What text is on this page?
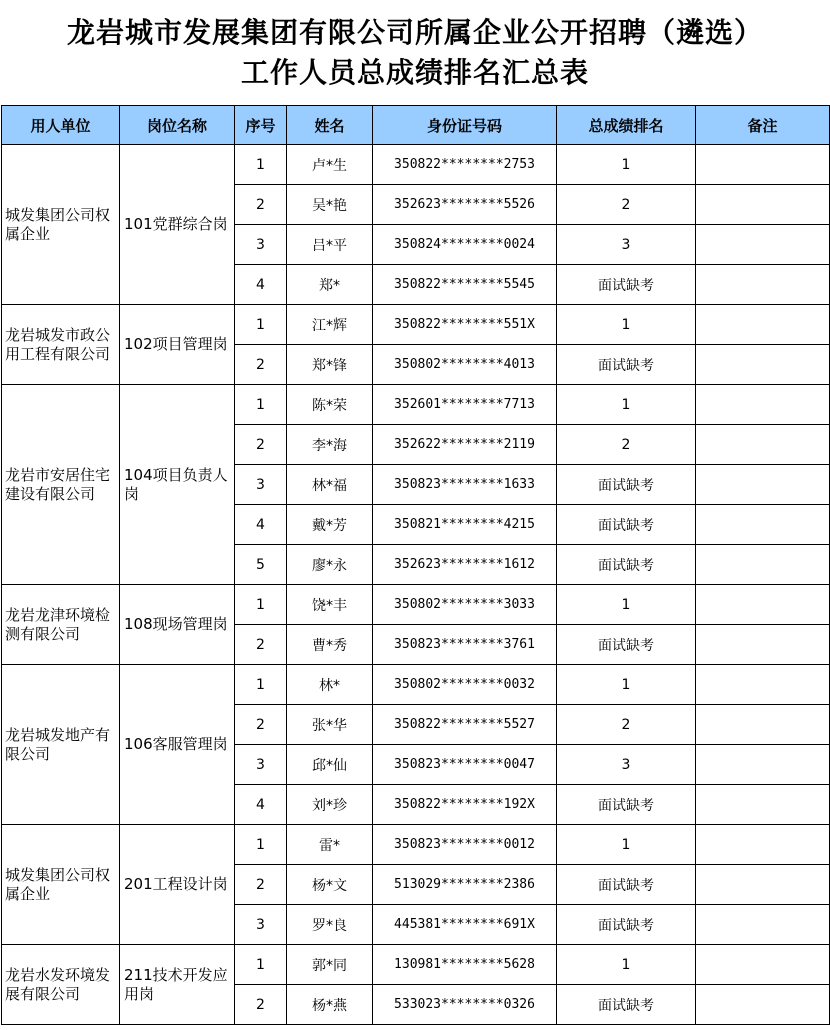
龙岩城市发展集团有限公司所属企业公开招聘（遴选）
工作人员总成绩排名汇总表
用人单位	岗位名称	序号	姓名	身份证号码	总成绩排名	备注
城发集团公司权属企业	101党群综合岗	1	卢*生	350822********2753	1	
		2	吴*艳	352623********5526	2	
		3	吕*平	350824********0024	3	
		4	郑*	350822********5545	面试缺考	
龙岩城发市政公用工程有限公司	102项目管理岗	1	江*辉	350822********551X	1	
		2	郑*锋	350802********4013	面试缺考	
龙岩市安居住宅建设有限公司	104项目负责人岗	1	陈*荣	352601********7713	1	
		2	李*海	352622********2119	2	
		3	林*福	350823********1633	面试缺考	
		4	戴*芳	350821********4215	面试缺考	
		5	廖*永	352623********1612	面试缺考	
龙岩龙津环境检测有限公司	108现场管理岗	1	饶*丰	350802********3033	1	
		2	曹*秀	350823********3761	面试缺考	
龙岩城发地产有限公司	106客服管理岗	1	林*	350802********0032	1	
		2	张*华	350822********5527	2	
		3	邱*仙	350823********0047	3	
		4	刘*珍	350822********192X	面试缺考	
城发集团公司权属企业	201工程设计岗	1	雷*	350823********0012	1	
		2	杨*文	513029********2386	面试缺考	
		3	罗*良	445381********691X	面试缺考	
龙岩水发环境发展有限公司	211技术开发应用岗	1	郭*同	130981********5628	1	
		2	杨*燕	533023********0326	面试缺考	
